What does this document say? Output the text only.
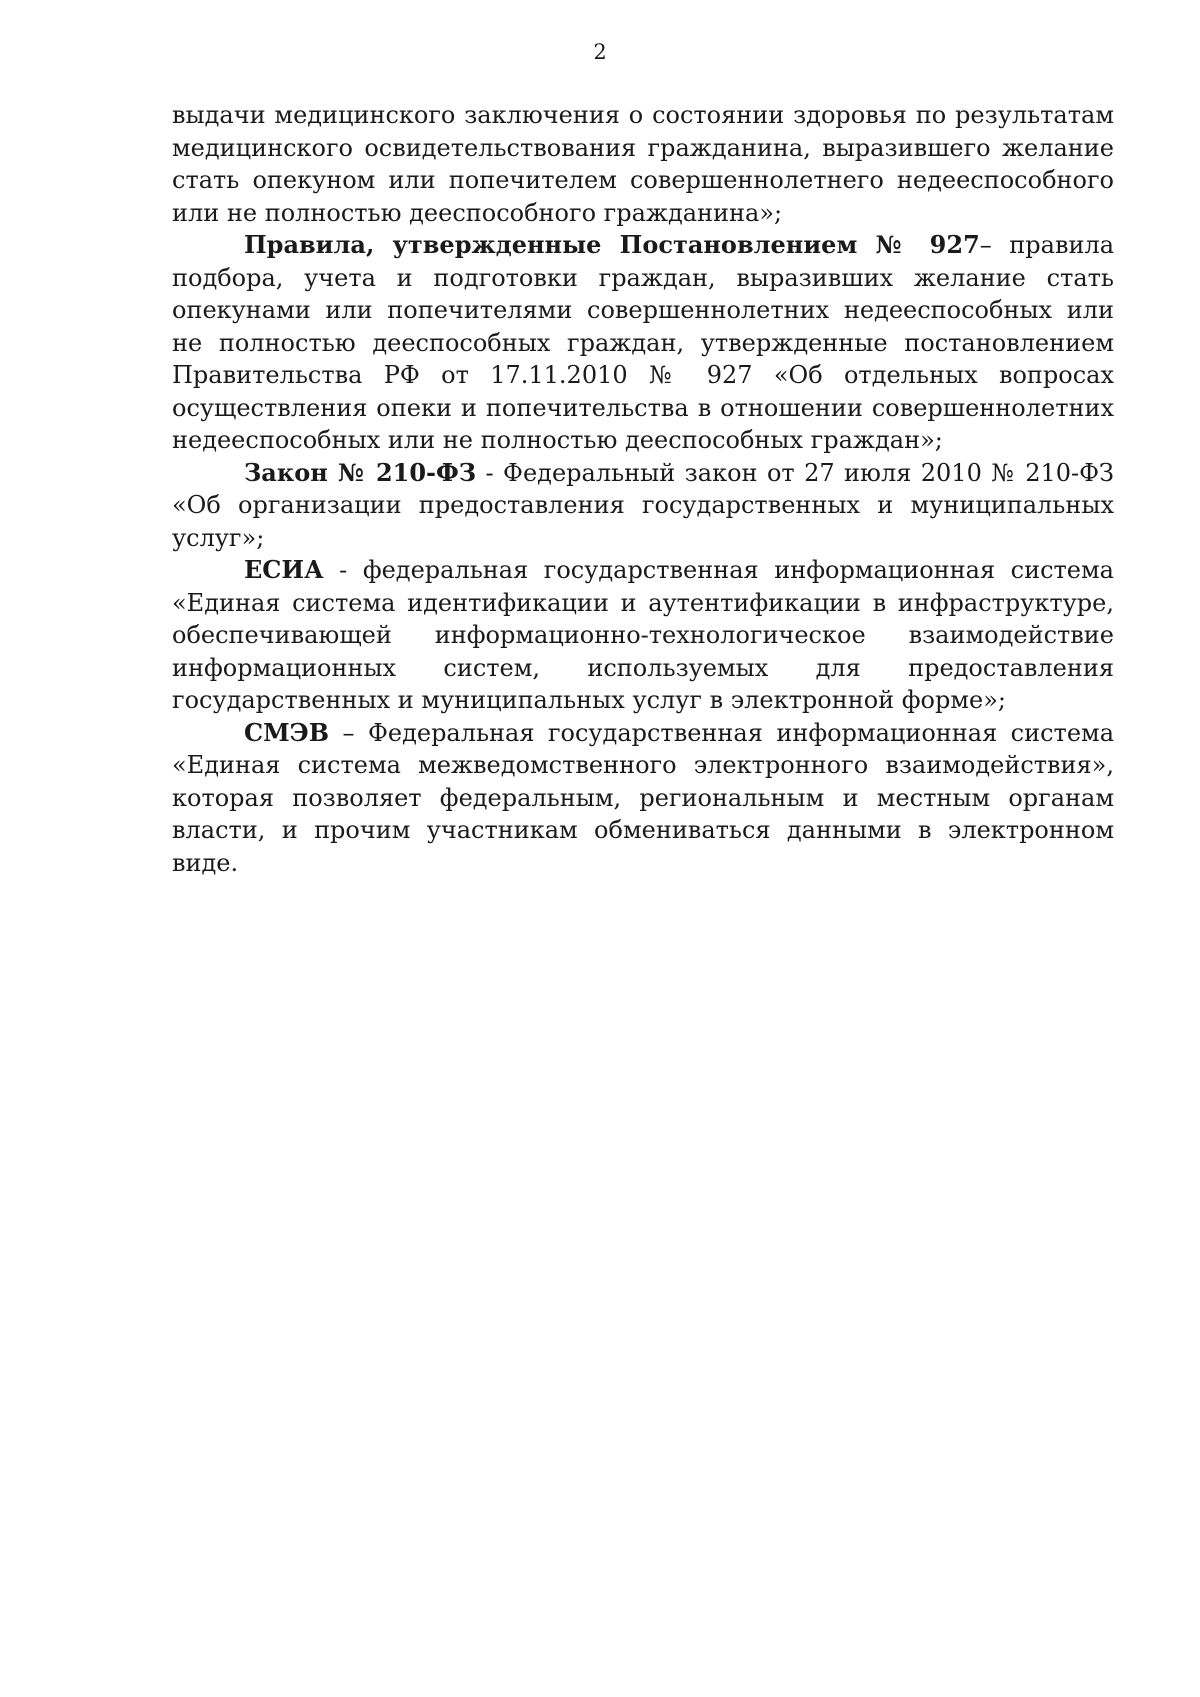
2

выдачи медицинского заключения о состоянии здоровья по результатам медицинского освидетельствования гражданина, выразившего желание стать опекуном или попечителем совершеннолетнего недееспособного или не полностью дееспособного гражданина»;

Правила, утвержденные Постановлением № 927– правила подбора, учета и подготовки граждан, выразивших желание стать опекунами или попечителями совершеннолетних недееспособных или не полностью дееспособных граждан, утвержденные постановлением Правительства РФ от 17.11.2010 № 927 «Об отдельных вопросах осуществления опеки и попечительства в отношении совершеннолетних недееспособных или не полностью дееспособных граждан»;

Закон № 210-ФЗ - Федеральный закон от 27 июля 2010 № 210-ФЗ «Об организации предоставления государственных и муниципальных услуг»;

ЕСИА - федеральная государственная информационная система «Единая система идентификации и аутентификации в инфраструктуре, обеспечивающей информационно-технологическое взаимодействие информационных систем, используемых для предоставления государственных и муниципальных услуг в электронной форме»;

СМЭВ – Федеральная государственная информационная система «Единая система межведомственного электронного взаимодействия», которая позволяет федеральным, региональным и местным органам власти, и прочим участникам обмениваться данными в электронном виде.
